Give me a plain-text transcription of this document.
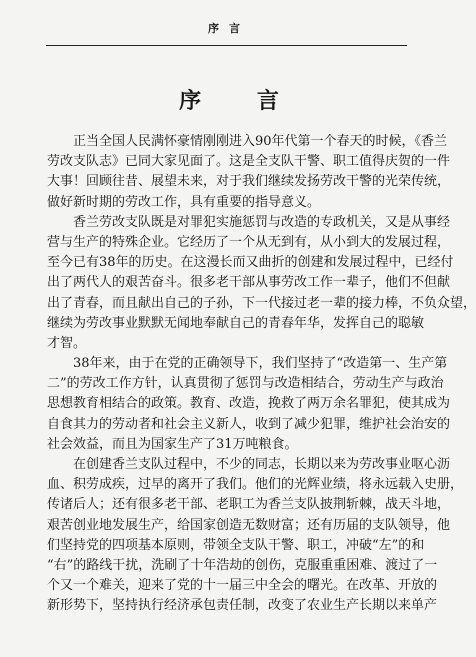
序言
序 言
正当全国人民满怀豪情刚刚进入90年代第一个春天的时候，《香兰
劳改支队志》已同大家见面了。这是全支队干警、职工值得庆贺的一件
大事！回顾往昔、展望未来，对于我们继续发扬劳改干警的光荣传统，
做好新时期的劳改工作，具有重要的指导意义。
香兰劳改支队既是对罪犯实施惩罚与改造的专政机关，又是从事经
营与生产的特殊企业。它经历了一个从无到有，从小到大的发展过程，
至今已有38年的历史。在这漫长而又曲折的创建和发展过程中，已经付
出了两代人的艰苦奋斗。很多老干部从事劳改工作一辈子，他们不但献
出了青春，而且献出自己的子孙，下一代接过老一辈的接力棒，不负众望，
继续为劳改事业默默无闻地奉献自己的青春年华，发挥自己的聪敏
才智。
38年来，由于在党的正确领导下，我们坚持了“改造第一、生产第
二”的劳改工作方针，认真贯彻了惩罚与改造相结合，劳动生产与政治
思想教育相结合的政策。教育、改造，挽救了两万余名罪犯，使其成为
自食其力的劳动者和社会主义新人，收到了减少犯罪，维护社会治安的
社会效益，而且为国家生产了31万吨粮食。
在创建香兰支队过程中，不少的同志，长期以来为劳改事业呕心沥
血、积劳成疾，过早的离开了我们。他们的光辉业绩，将永远载入史册，
传诸后人；还有很多老干部、老职工为香兰支队披荆斩棘，战天斗地，
艰苦创业地发展生产，给国家创造无数财富；还有历届的支队领导，他
们坚持党的四项基本原则，带领全支队干警、职工，冲破“左”的和
“右”的路线干扰，洗刷了十年浩劫的创伤，克服重重困难、渡过了一
个又一个难关，迎来了党的十一届三中全会的曙光。在改革、开放的
新形势下，坚持执行经济承包责任制，改变了农业生产长期以来单产
